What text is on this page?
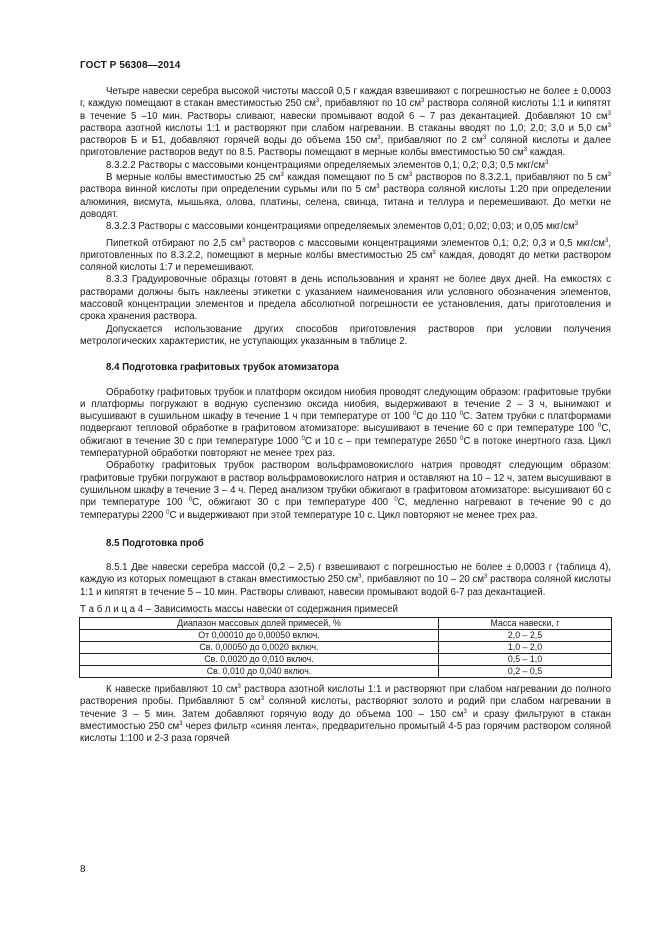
ГОСТ Р 56308—2014

Четыре навески серебра высокой чистоты массой 0,5 г каждая взвешивают с погрешностью не более ± 0,0003 г, каждую помещают в стакан вместимостью 250 $см^3$, прибавляют по 10 $см^3$ раствора соляной кислоты 1:1 и кипятят в течение 5 –10 мин. Растворы сливают, навески промывают водой 6 – 7 раз декантацией. Добавляют 10 $см^3$ раствора азотной кислоты 1:1 и растворяют при слабом нагревании. В стаканы вводят по 1,0; 2,0; 3,0 и 5,0 $см^3$ растворов Б и Б1, добавляют горячей воды до объема 150 $см^3$, прибавляют по 2 $см^3$ соляной кислоты и далее приготовление растворов ведут по 8.5. Растворы помещают в мерные колбы вместимостью 50 $см^3$ каждая.

8.3.2.2 Растворы с массовыми концентрациями определяемых элементов 0,1; 0,2; 0,3; 0,5 мкг/$см^3$

В мерные колбы вместимостью 25 $см^3$ каждая помещают по 5 $см^3$ растворов по 8.3.2.1, прибавляют по 5 $см^3$ раствора винной кислоты при определении сурьмы или по 5 $см^3$ раствора соляной кислоты 1:20 при определении алюминия, висмута, мышьяка, олова, платины, селена, свинца, титана и теллура и перемешивают. До метки не доводят.

8.3.2.3 Растворы с массовыми концентрациями определяемых элементов 0,01; 0,02; 0,03; и 0,05 мкг/$см^3$

Пипеткой отбирают по 2,5 $см^3$ растворов с массовыми концентрациями элементов 0,1; 0,2; 0,3 и 0,5 мкг/$см^3$, приготовленных по 8.3.2.2, помещают в мерные колбы вместимостью 25 $см^3$ каждая, доводят до метки раствором соляной кислоты 1:7 и перемешивают.

8.3.3 Градуировочные образцы готовят в день использования и хранят не более двух дней. На емкостях с растворами должны быть наклеены этикетки с указанием наименования или условного обозначения элементов, массовой концентрации элементов и предела абсолютной погрешности ее установления, даты приготовления и срока хранения раствора.

Допускается использование других способов приготовления растворов при условии получения метрологических характеристик, не уступающих указанным в таблице 2.

8.4 Подготовка графитовых трубок атомизатора

Обработку графитовых трубок и платформ оксидом ниобия проводят следующим образом: графитовые трубки и платформы погружают в водную суспензию оксида ниобия, выдерживают в течение 2 – 3 ч, вынимают и высушивают в сушильном шкафу в течение 1 ч при температуре от 100 $^0$С до 110 $^0$С. Затем трубки с платформами подвергают тепловой обработке в графитовом атомизаторе: высушивают в течение 60 с при температуре 100 $^0$С, обжигают в течение 30 с при температуре 1000 $^0$С и 10 с – при температуре 2650 $^0$С в потоке инертного газа. Цикл температурной обработки повторяют не менее трех раз.

Обработку графитовых трубок раствором вольфрамовокислого натрия проводят следующим образом: графитовые трубки погружают в раствор вольфрамовокислого натрия и оставляют на 10 – 12 ч, затем высушивают в сушильном шкафу в течение 3 – 4 ч. Перед анализом трубки обжигают в графитовом атомизаторе: высушивают 60 с при температуре 100 $^0$С, обжигают 30 с при температуре 400 $^0$С, медленно нагревают в течение 90 с до температуры 2200 $^0$С и выдерживают при этой температуре 10 с. Цикл повторяют не менее трех раз.

8.5 Подготовка проб

8.5.1 Две навески серебра массой (0,2 – 2,5) г взвешивают с погрешностью не более ± 0,0003 г (таблица 4), каждую из которых помещают в стакан вместимостью 250 $см^3$, прибавляют по 10 – 20 $см^3$ раствора соляной кислоты 1:1 и кипятят в течение 5 – 10 мин. Растворы сливают, навески промывают водой 6-7 раз декантацией.

Т а б л и ц а 4 – Зависимость массы навески от содержания примесей
Диапазон массовых долей примесей, %	Масса навески, г
От 0,00010 до 0,00050 включ.	2,0 – 2,5
Св. 0,00050 до 0,0020 включ.	1,0 – 2,0
Св. 0,0020 до 0,010 включ.	0,5 – 1,0
Св. 0,010 до 0,040 включ.	0,2 – 0,5

К навеске прибавляют 10 $см^3$ раствора азотной кислоты 1:1 и растворяют при слабом нагревании до полного растворения пробы. Прибавляют 5 $см^3$ соляной кислоты, растворяют золото и родий при слабом нагревании в течение 3 – 5 мин. Затем добавляют горячую воду до объема 100 – 150 $см^3$ и сразу фильтруют в стакан вместимостью 250 $см^3$ через фильтр «синяя лента», предварительно промытый 4-5 раз горячим раствором соляной кислоты 1:100 и 2-3 раза горячей

8
